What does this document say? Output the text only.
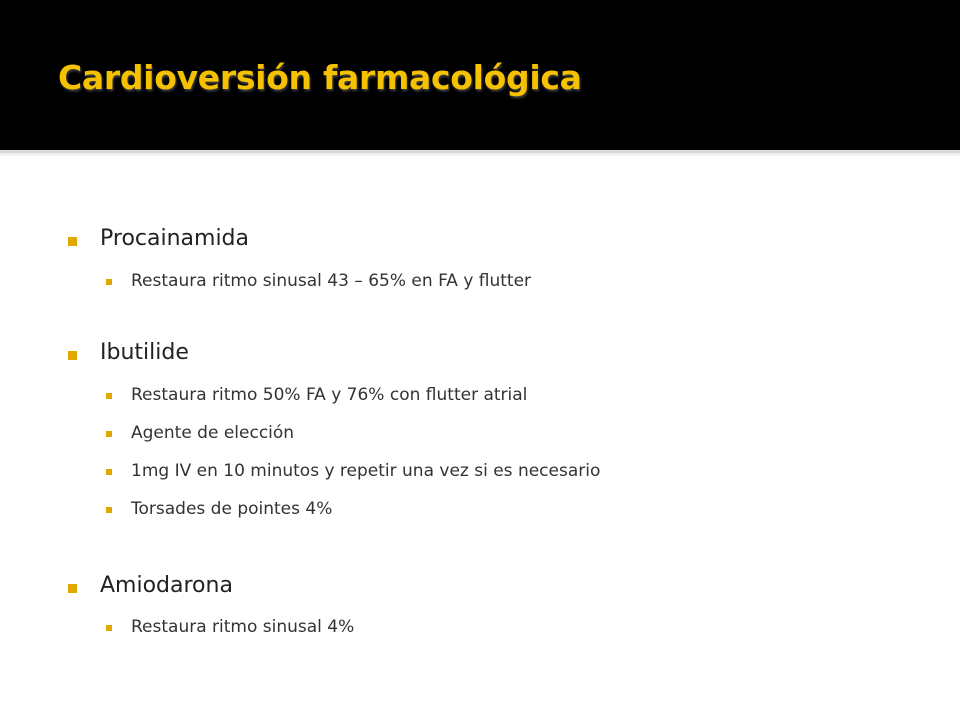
Cardioversión farmacológica
Procainamida
Restaura ritmo sinusal 43 – 65% en FA y flutter
Ibutilide
Restaura ritmo 50% FA y 76% con flutter atrial
Agente de elección
1mg IV en 10 minutos y repetir una vez si es necesario
Torsades de pointes 4%
Amiodarona
Restaura ritmo sinusal 4%
